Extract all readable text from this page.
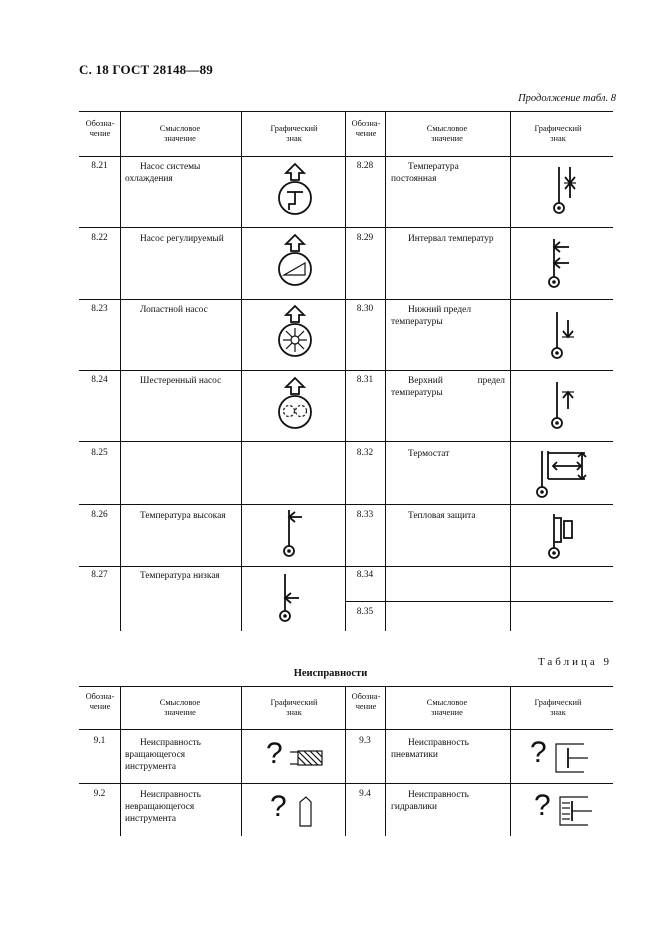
С. 18 ГОСТ 28148—89
Продолжение табл. 8
Обозна-чение
Смысловое значение
Графический знак
Обозна-чение
Смысловое значение
Графический знак
8.21
8.22
8.23
8.24
8.25
8.26
8.27
Насос системы охлаждения
Насос регулируемый
Лопастной насос
Шестеренный насос
Температура высокая
Температура низкая
8.28
8.29
8.30
8.31
8.32
8.33
8.34
8.35
Температура постоянная
Интервал температур
Нижний предел температуры
Верхний предел температуры
Термостат
Тепловая защита
Таблица 9
Неисправности
Обозна-чение	Смысловое значение
Графический знак
Обозна-чение	Смысловое значение
Графический знак
9.1
9.2
9.3
9.4
Неисправность вращающегося инструмента
Неисправность невращающегося инструмента
Неисправность пневматики
Неисправность гидравлики
?
?
?
?
